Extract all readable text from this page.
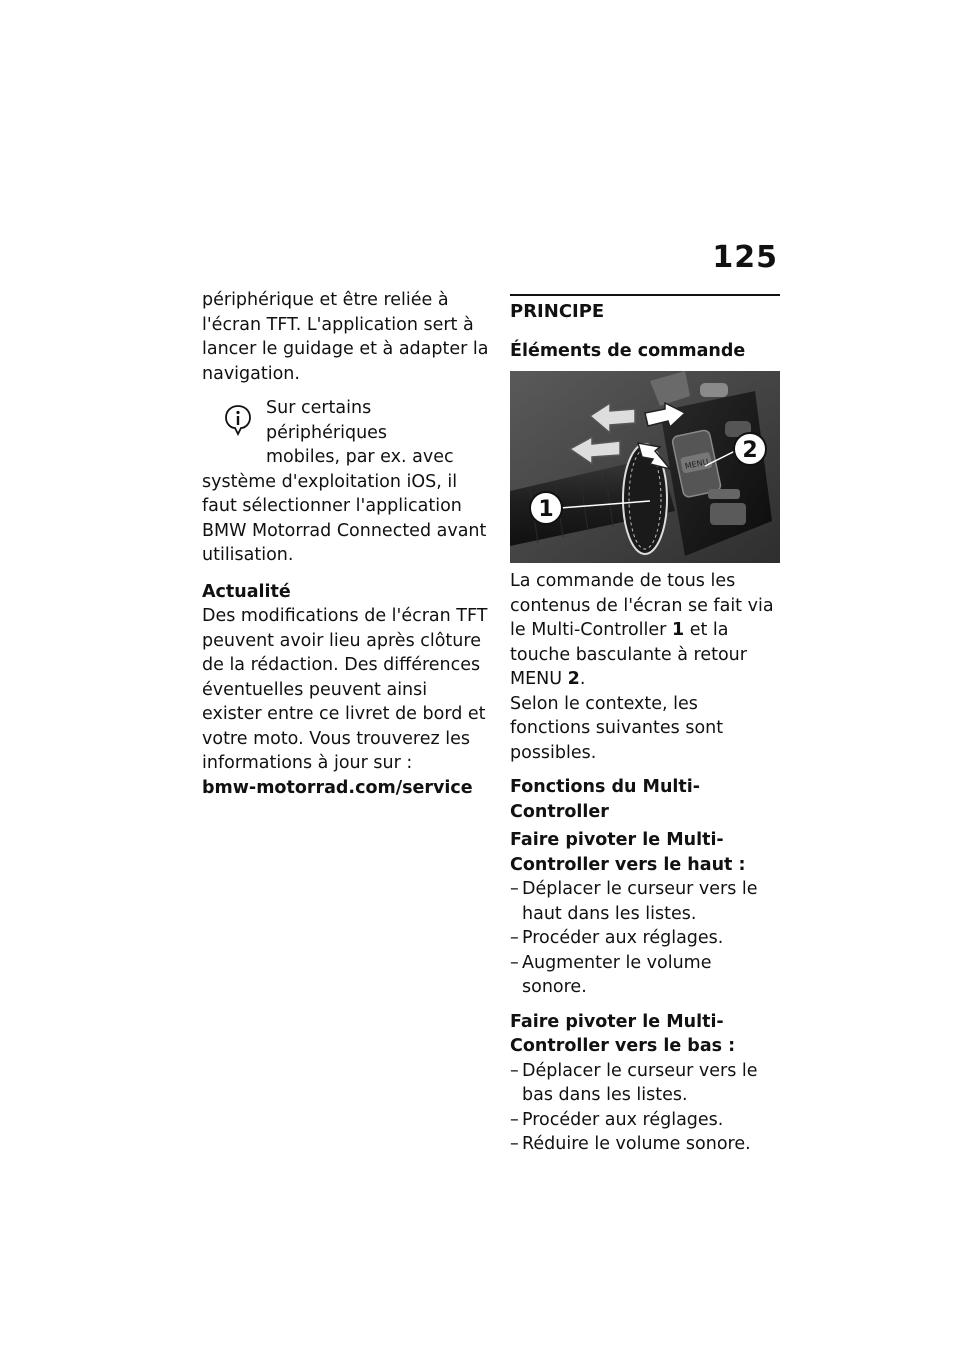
125

périphérique et être reliée à l'écran TFT. L'application sert à lancer le guidage et à adapter la navigation.

Sur certains périphériques
mobiles, par ex. avec

système d'exploitation iOS, il faut sélectionner l'application BMW Motorrad Connected avant utilisation.

Actualité

Des modifications de l'écran TFT peuvent avoir lieu après clôture de la rédaction. Des différences éventuelles peuvent ainsi exister entre ce livret de bord et votre moto. Vous trouverez les informations à jour sur :

bmw-motorrad.com/service

PRINCIPE

Éléments de commande

MENU
1
2

La commande de tous les contenus de l'écran se fait via le Multi-Controller 1 et la touche basculante à retour MENU 2.

Selon le contexte, les fonctions suivantes sont possibles.

Fonctions du Multi-Controller

Faire pivoter le Multi-Controller vers le haut :

– Déplacer le curseur vers le haut dans les listes.
– Procéder aux réglages.
– Augmenter le volume sonore.

Faire pivoter le Multi-Controller vers le bas :

– Déplacer le curseur vers le bas dans les listes.
– Procéder aux réglages.
– Réduire le volume sonore.
